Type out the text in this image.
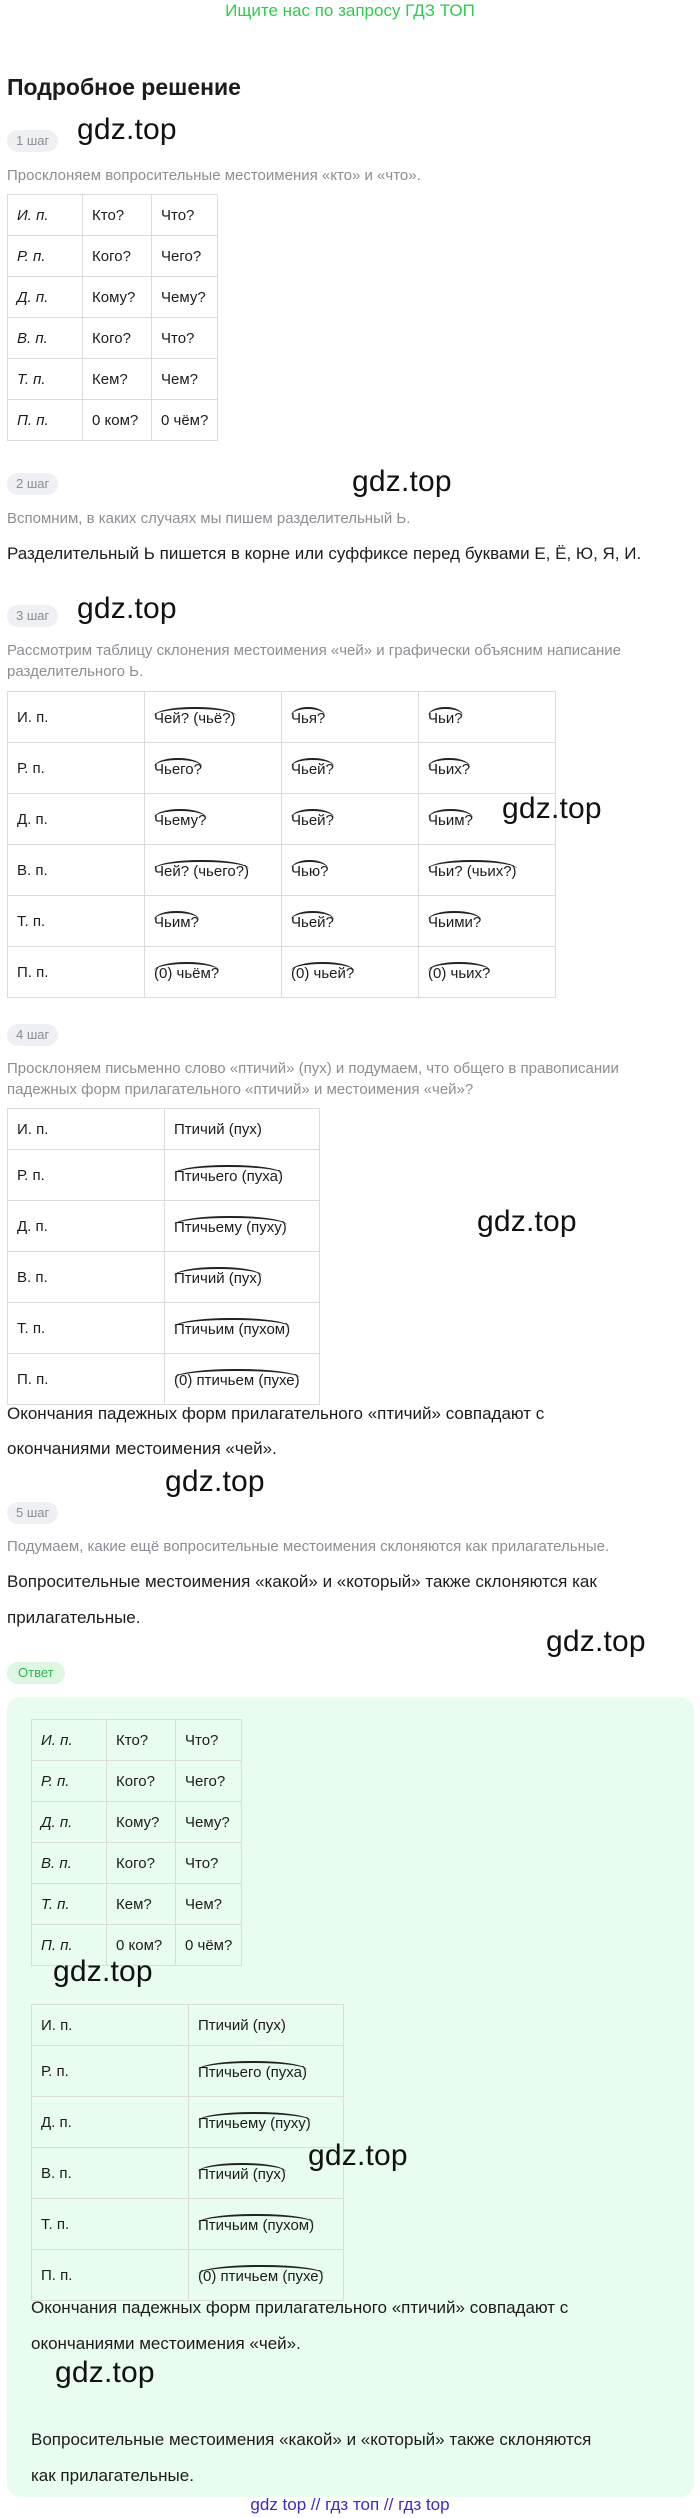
Ищите нас по запросу ГДЗ ТОП
Подробное решение
1 шаг gdz.top
Просклоняем вопросительные местоимения «кто» и «что».
И. п.	Кто?	Что?
Р. п.	Кого?	Чего?
Д. п.	Кому?	Чему?
В. п.	Кого?	Что?
Т. п.	Кем?	Чем?
П. п.	0 ком?	0 чём?
2 шаг	gdz.top
Вспомним, в каких случаях мы пишем разделительный Ь.
Разделительный Ь пишется в корне или суффиксе перед буквами Е, Ё, Ю, Я, И.
3 шаг gdz.top
Рассмотрим таблицу склонения местоимения «чей» и графически объясним написание
разделительного Ь.
И. п.	Чей? (чьё?)	Чья?	Чьи?
Р. п.	Чьего?	Чьей?	Чьих?
Д. п.	Чьему?	Чьей?	Чьим?
В. п.	Чей? (чьего?)	Чью?	Чьи? (чьих?)
Т. п.	Чьим?	Чьей?	Чьими?
П. п.	(0) чьём?	(0) чьей?	(0) чьих?
gdz.top
4 шаг
Просклоняем письменно слово «птичий» (пух) и подумаем, что общего в правописании
падежных форм прилагательного «птичий» и местоимения «чей»?
И. п.	Птичий (пух)
Р. п.	Птичьего (пуха)
Д. п.	Птичьему (пуху)
В. п.	Птичий (пух)
Т. п.	Птичьим (пухом)
П. п.	(0) птичьем (пухе)
gdz.top
Окончания падежных форм прилагательного «птичий» совпадают с
окончаниями местоимения «чей».
gdz.top
5 шаг
Подумаем, какие ещё вопросительные местоимения склоняются как прилагательные.
Вопросительные местоимения «какой» и «который» также склоняются как
прилагательные.
gdz.top
Ответ
И. п.	Кто?	Что?
Р. п.	Кого?	Чего?
Д. п.	Кому?	Чему?
В. п.	Кого?	Что?
Т. п.	Кем?	Чем?
П. п.	0 ком?	0 чём?
gdz.top
И. п.	Птичий (пух)
Р. п.	Птичьего (пуха)
Д. п.	Птичьему (пуху)
В. п.	Птичий (пух)
Т. п.	Птичьим (пухом)
П. п.	(0) птичьем (пухе)
gdz.top
Окончания падежных форм прилагательного «птичий» совпадают с
окончаниями местоимения «чей».
gdz.top
Вопросительные местоимения «какой» и «который» также склоняются
как прилагательные.
gdz top // гдз топ // гдз top
